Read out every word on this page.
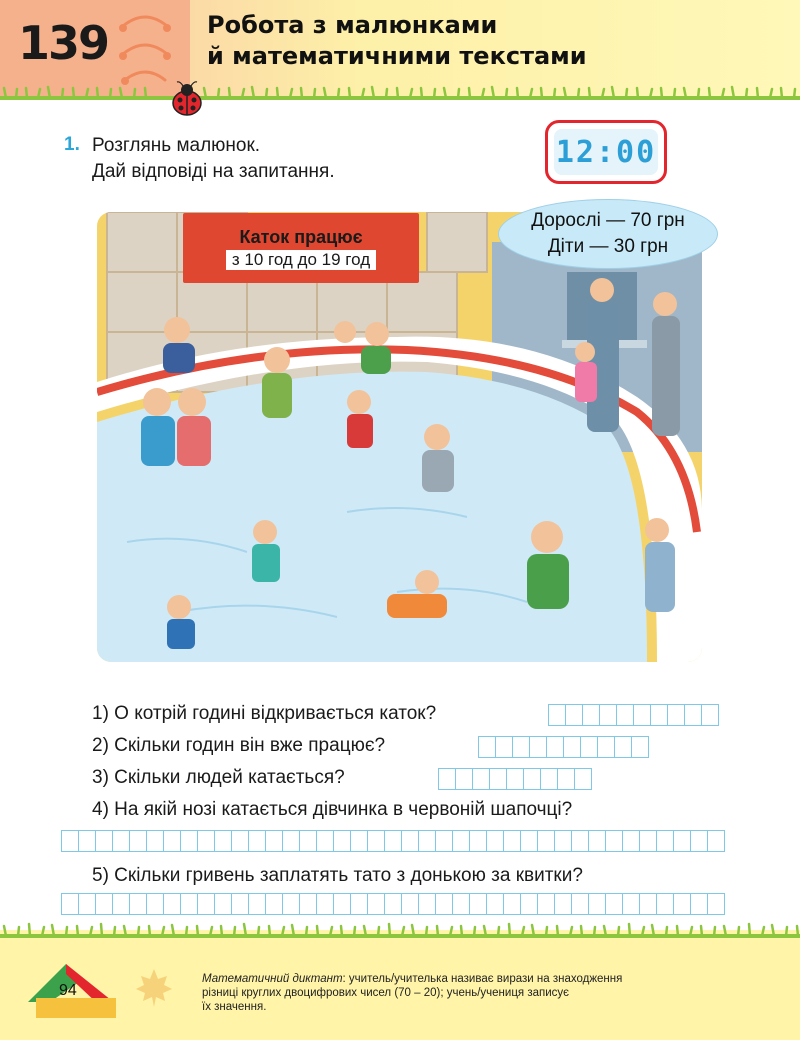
139	Робота з малюнками
й математичними текстами
1. Розглянь малюнок.
Дай відповіді на запитання.
12:00
Каток працює
з 10 год до 19 год
Дорослі — 70 грн
Діти — 30 грн
1) О котрій годині відкривається каток?
2) Скільки годин він вже працює?
3) Скільки людей катається?
4) На якій нозі катається дівчинка в червоній шапочці?
5) Скільки гривень заплатять тато з донькою за квитки?
94
Математичний диктант: учитель/учителька називає вирази на знаходження
різниці круглих двоцифрових чисел (70 – 20); учень/учениця записує
їх значення.
